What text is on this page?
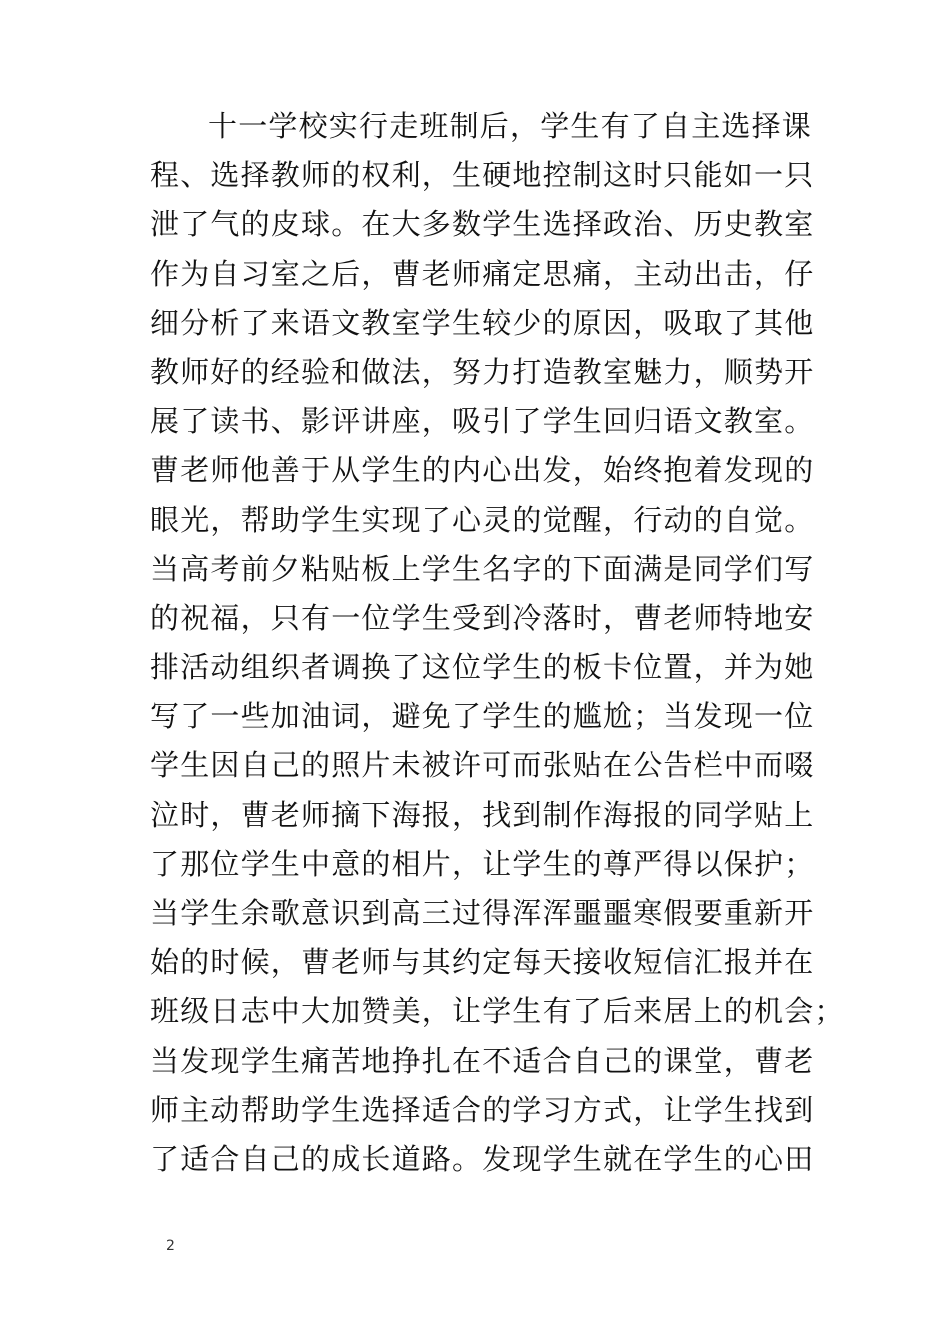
十一学校实行走班制后，学生有了自主选择课
程、选择教师的权利，生硬地控制这时只能如一只
泄了气的皮球。在大多数学生选择政治、历史教室
作为自习室之后，曹老师痛定思痛，主动出击，仔
细分析了来语文教室学生较少的原因，吸取了其他
教师好的经验和做法，努力打造教室魅力，顺势开
展了读书、影评讲座，吸引了学生回归语文教室。
曹老师他善于从学生的内心出发，始终抱着发现的
眼光，帮助学生实现了心灵的觉醒，行动的自觉。
当高考前夕粘贴板上学生名字的下面满是同学们写
的祝福，只有一位学生受到冷落时，曹老师特地安
排活动组织者调换了这位学生的板卡位置，并为她
写了一些加油词，避免了学生的尴尬；当发现一位
学生因自己的照片未被许可而张贴在公告栏中而啜
泣时，曹老师摘下海报，找到制作海报的同学贴上
了那位学生中意的相片，让学生的尊严得以保护；
当学生余歌意识到高三过得浑浑噩噩寒假要重新开
始的时候，曹老师与其约定每天接收短信汇报并在
班级日志中大加赞美，让学生有了后来居上的机会；
当发现学生痛苦地挣扎在不适合自己的课堂，曹老
师主动帮助学生选择适合的学习方式，让学生找到
了适合自己的成长道路。发现学生就在学生的心田
2
